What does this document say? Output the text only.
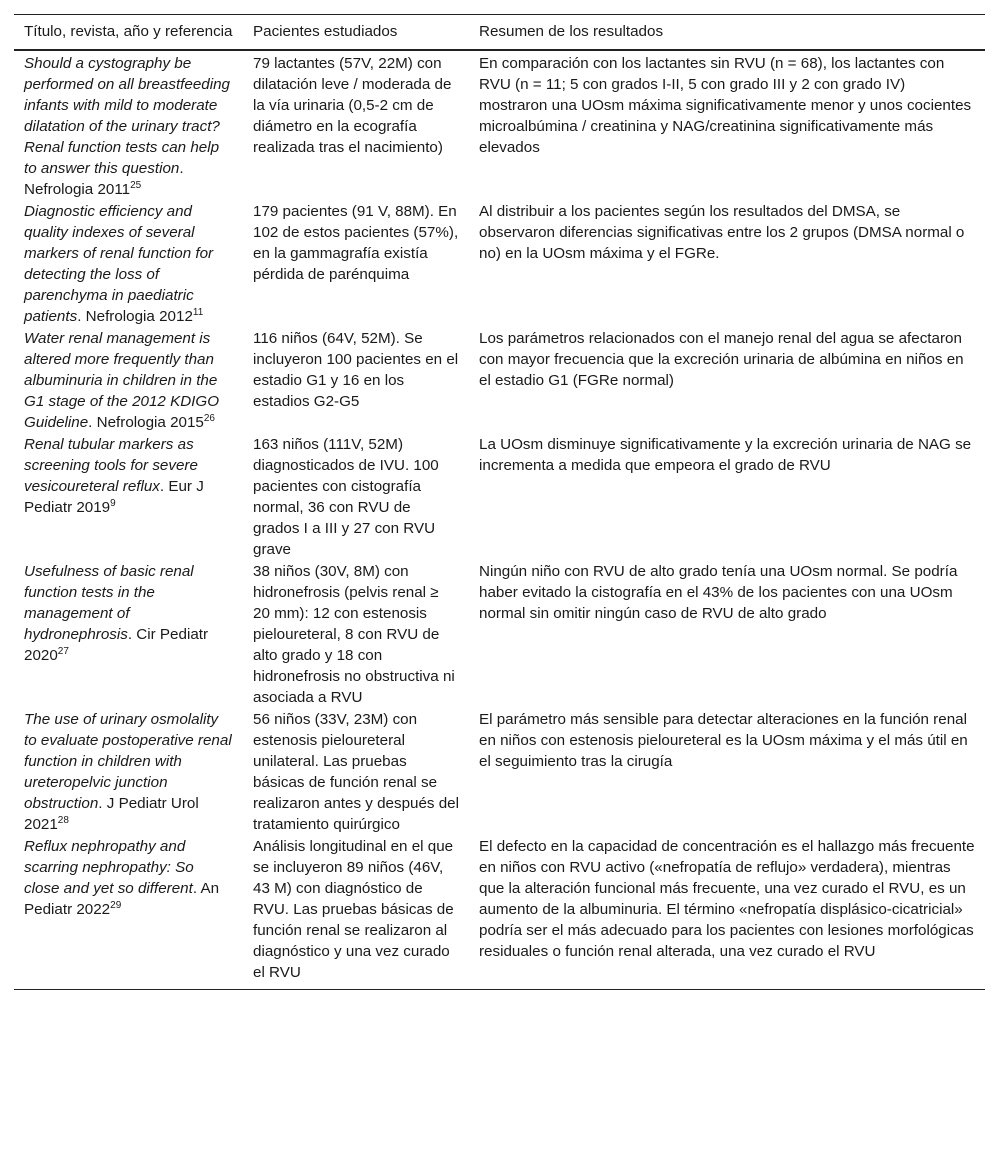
Título, revista, año y referencia	Pacientes estudiados	Resumen de los resultados
Should a cystography be performed on all breastfeeding infants with mild to moderate dilatation of the urinary tract? Renal function tests can help to answer this question. Nefrologia 2011$^{25}$	79 lactantes (57V, 22M) con dilatación leve / moderada de la vía urinaria (0,5-2 cm de diámetro en la ecografía realizada tras el nacimiento)	En comparación con los lactantes sin RVU (n = 68), los lactantes con RVU (n = 11; 5 con grados I-II, 5 con grado III y 2 con grado IV) mostraron una UOsm máxima significativamente menor y unos cocientes microalbúmina / creatinina y NAG/creatinina significativamente más elevados
Diagnostic efficiency and quality indexes of several markers of renal function for detecting the loss of parenchyma in paediatric patients. Nefrologia 2012$^{11}$	179 pacientes (91 V, 88M). En 102 de estos pacientes (57%), en la gammagrafía existía pérdida de parénquima	Al distribuir a los pacientes según los resultados del DMSA, se observaron diferencias significativas entre los 2 grupos (DMSA normal o no) en la UOsm máxima y el FGRe.
Water renal management is altered more frequently than albuminuria in children in the G1 stage of the 2012 KDIGO Guideline. Nefrologia 2015$^{26}$	116 niños (64V, 52M). Se incluyeron 100 pacientes en el estadio G1 y 16 en los estadios G2-G5	Los parámetros relacionados con el manejo renal del agua se afectaron con mayor frecuencia que la excreción urinaria de albúmina en niños en el estadio G1 (FGRe normal)
Renal tubular markers as screening tools for severe vesicoureteral reflux. Eur J Pediatr 2019$^9$	163 niños (111V, 52M) diagnosticados de IVU. 100 pacientes con cistografía normal, 36 con RVU de grados I a III y 27 con RVU grave	La UOsm disminuye significativamente y la excreción urinaria de NAG se incrementa a medida que empeora el grado de RVU
Usefulness of basic renal function tests in the management of hydronephrosis. Cir Pediatr 2020$^{27}$	38 niños (30V, 8M) con hidronefrosis (pelvis renal ≥ 20 mm): 12 con estenosis pieloureteral, 8 con RVU de alto grado y 18 con hidronefrosis no obstructiva ni asociada a RVU	Ningún niño con RVU de alto grado tenía una UOsm normal. Se podría haber evitado la cistografía en el 43% de los pacientes con una UOsm normal sin omitir ningún caso de RVU de alto grado
The use of urinary osmolality to evaluate postoperative renal function in children with ureteropelvic junction obstruction. J Pediatr Urol 2021$^{28}$	56 niños (33V, 23M) con estenosis pieloureteral unilateral. Las pruebas básicas de función renal se realizaron antes y después del tratamiento quirúrgico	El parámetro más sensible para detectar alteraciones en la función renal en niños con estenosis pieloureteral es la UOsm máxima y el más útil en el seguimiento tras la cirugía
Reflux nephropathy and scarring nephropathy: So close and yet so different. An Pediatr 2022$^{29}$	Análisis longitudinal en el que se incluyeron 89 niños (46V, 43 M) con diagnóstico de RVU. Las pruebas básicas de función renal se realizaron al diagnóstico y una vez curado el RVU	El defecto en la capacidad de concentración es el hallazgo más frecuente en niños con RVU activo («nefropatía de reflujo» verdadera), mientras que la alteración funcional más frecuente, una vez curado el RVU, es un aumento de la albuminuria. El término «nefropatía displásico-cicatricial» podría ser el más adecuado para los pacientes con lesiones morfológicas residuales o función renal alterada, una vez curado el RVU
